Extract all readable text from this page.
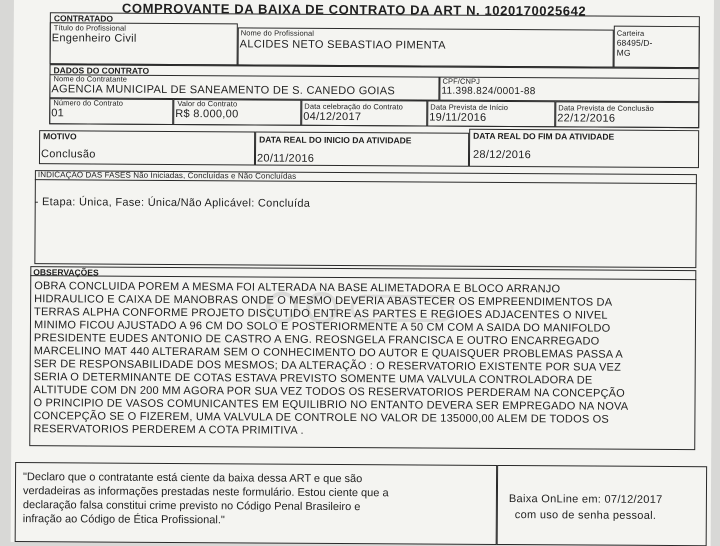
COMPROVANTE DA BAIXA DE CONTRATO DA ART N. 1020170025642
CONTRATADO
Título do Profissional
Engenheiro Civil	Nome do Profissional
ALCIDES NETO SEBASTIAO PIMENTA
Carteira
68495/D-
MG
DADOS DO CONTRATO
Nome do Contratante
AGENCIA MUNICIPAL DE SANEAMENTO DE S. CANEDO GOIAS
CPF/CNPJ
11.398.824/0001-88
Número do Contrato
01
Valor do Contrato
R$ 8.000,00
Data celebração do Contrato
04/12/2017
Data Prevista de Início
19/11/2016
Data Prevista de Conclusão
22/12/2016
MOTIVO
Conclusão
DATA REAL DO INICIO DA ATIVIDADE
20/11/2016
DATA REAL DO FIM DA ATIVIDADE
28/12/2016
INDICAÇÃO DAS FASES Não Iniciadas, Concluídas e Não Concluídas
- Etapa: Única, Fase: Única/Não Aplicável: Concluída
OBSERVAÇÕES
OBRA CONCLUIDA POREM A MESMA FOI ALTERADA NA BASE ALIMETADORA E BLOCO ARRANJO
HIDRAULICO E CAIXA DE MANOBRAS ONDE O MESMO DEVERIA ABASTECER OS EMPREENDIMENTOS DA
TERRAS ALPHA CONFORME PROJETO DISCUTIDO ENTRE AS PARTES E REGIOES ADJACENTES O NIVEL
MINIMO FICOU AJUSTADO A 96 CM DO SOLO E POSTERIORMENTE A 50 CM COM A SAIDA DO MANIFOLDO
PRESIDENTE EUDES ANTONIO DE CASTRO A ENG. REOSNGELA FRANCISCA E OUTRO ENCARREGADO
MARCELINO MAT 440 ALTERARAM SEM O CONHECIMENTO DO AUTOR E QUAISQUER PROBLEMAS PASSA A
SER DE RESPONSABILIDADE DOS MESMOS; DA ALTERAÇÃO : O RESERVATORIO EXISTENTE POR SUA VEZ
SERIA O DETERMINANTE DE COTAS ESTAVA PREVISTO SOMENTE UMA VALVULA CONTROLADORA DE
ALTITUDE COM DN 200 MM AGORA POR SUA VEZ TODOS OS RESERVATORIOS PERDERAM NA CONCEPÇÃO
O PRINCIPIO DE VASOS COMUNICANTES EM EQUILIBRIO NO ENTANTO DEVERA SER EMPREGADO NA NOVA
CONCEPÇÃO SE O FIZEREM, UMA VALVULA DE CONTROLE NO VALOR DE 135000,00 ALEM DE TODOS OS
RESERVATORIOS PERDEREM A COTA PRIMITIVA .
"Declaro que o contratante está ciente da baixa dessa ART e que são
verdadeiras as informações prestadas neste formulário. Estou ciente que a
declaração falsa constitui crime previsto no Código Penal Brasileiro e
infração ao Código de Ética Profissional."
Baixa OnLine em: 07/12/2017
com uso de senha pessoal.
